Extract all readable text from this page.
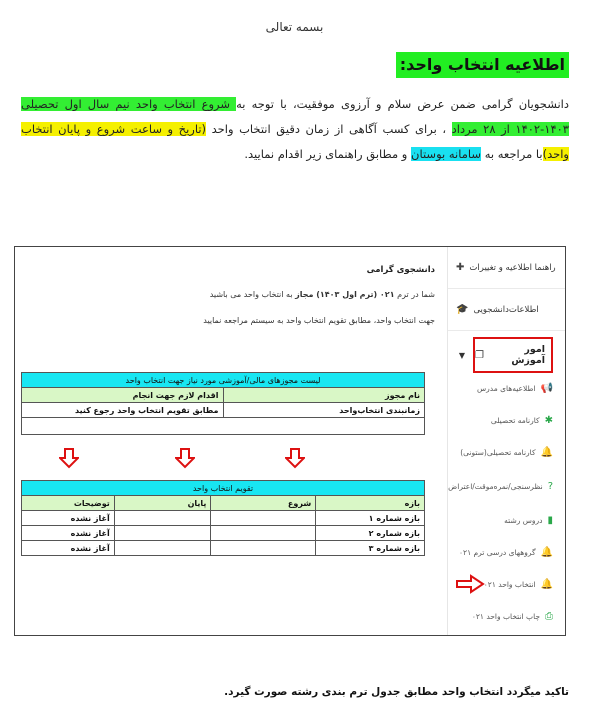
بسمه تعالی
اطلاعیه انتخاب واحد:
دانشجویان گرامی ضمن عرض سلام و آرزوی موفقیت، با توجه به شروع انتخاب واحد نیم سال اول تحصیلی ۱۴۰۳-۱۴۰۲ از ۲۸ مرداد ، برای کسب آگاهی از زمان دقیق انتخاب واحد (تاریخ و ساعت شروع و پایان انتخاب واحد)با مراجعه به سامانه بوستان و مطابق راهنمای زیر اقدام نمایید.
راهنما اطلاعیه و تغییرات
✚
اطلاعات‌دانشجویی
🎓
امور آموزش
❐
▼
📢
اطلاعیه‌های مدرس
✱
کارنامه تحصیلی
🔔
کارنامه تحصیلی(ستونی)
?
نظرسنجی/نمره‌موقت/اعتراض
▮
دروس رشته
🔔
گروههای درسی ترم ۰۲۱
🔔
انتخاب واحد ۰۲۱
⎙
چاپ انتخاب واحد ۰۲۱
دانشجوی گرامی
شما در ترم ۰۲۱ (ترم اول ۱۴۰۳) مجاز به انتخاب واحد می باشید
جهت انتخاب واحد، مطابق تقویم انتخاب واحد به سیستم مراجعه نمایید
لیست مجوزهای مالی/آموزشی مورد نیاز جهت انتخاب واحد	
نام مجوز	اقدام لازم جهت انجام
زمانبندی انتخاب‌واحد	مطابق تقویم انتخاب واحد رجوع کنید

تقویم انتخاب واحد			
بازه	شروع	پایان	توضیحات
بازه شماره ۱			آغاز نشده
بازه شماره ۲			آغاز نشده
بازه شماره ۳			آغاز نشده
تاکید میگردد انتخاب واحد مطابق جدول ترم بندی رشته صورت گیرد.
